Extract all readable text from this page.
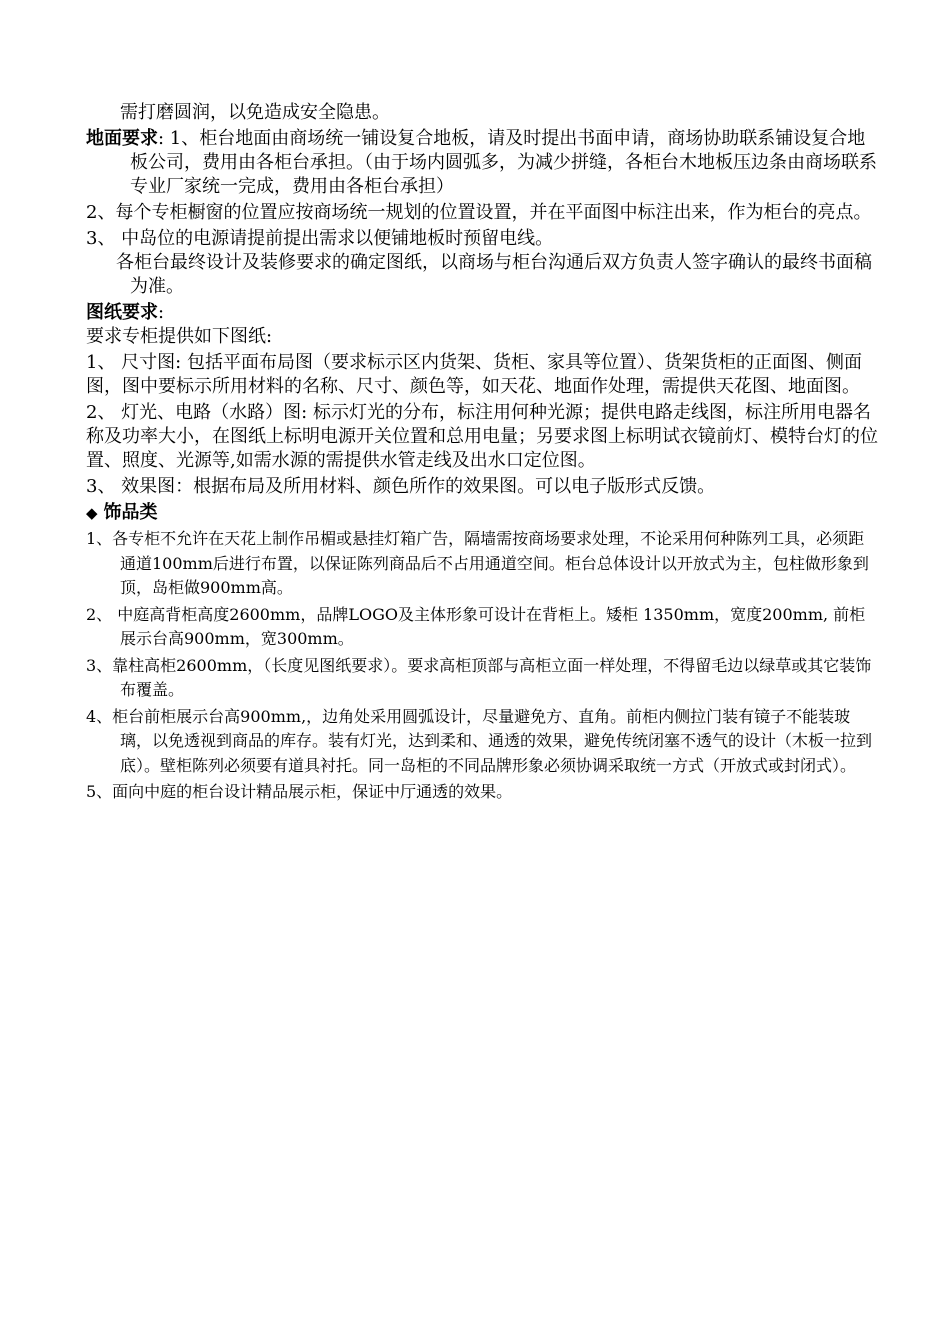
需打磨圆润，以免造成安全隐患。

地面要求: 1、柜台地面由商场统一铺设复合地板，请及时提出书面申请，商场协助联系铺设复合地板公司，费用由各柜台承担。（由于场内圆弧多，为减少拼缝，各柜台木地板压边条由商场联系专业厂家统一完成，费用由各柜台承担）

2、每个专柜橱窗的位置应按商场统一规划的位置设置，并在平面图中标注出来，作为柜台的亮点。

3、 中岛位的电源请提前提出需求以便铺地板时预留电线。

各柜台最终设计及装修要求的确定图纸，以商场与柜台沟通后双方负责人签字确认的最终书面稿为准。

图纸要求:

要求专柜提供如下图纸:

1、 尺寸图: 包括平面布局图（要求标示区内货架、货柜、家具等位置）、货架货柜的正面图、侧面图，图中要标示所用材料的名称、尺寸、颜色等，如天花、地面作处理，需提供天花图、地面图。

2、 灯光、电路（水路）图: 标示灯光的分布，标注用何种光源；提供电路走线图，标注所用电器名称及功率大小，在图纸上标明电源开关位置和总用电量；另要求图上标明试衣镜前灯、模特台灯的位置、照度、光源等,如需水源的需提供水管走线及出水口定位图。

3、 效果图：根据布局及所用材料、颜色所作的效果图。可以电子版形式反馈。

◆ 饰品类

1、各专柜不允许在天花上制作吊楣或悬挂灯箱广告，隔墙需按商场要求处理，不论采用何种陈列工具，必须距通道100mm后进行布置，以保证陈列商品后不占用通道空间。柜台总体设计以开放式为主，包柱做形象到顶，岛柜做900mm高。

2、 中庭高背柜高度2600mm，品牌LOGO及主体形象可设计在背柜上。矮柜 1350mm，宽度200mm, 前柜展示台高900mm，宽300mm。

3、靠柱高柜2600mm，（长度见图纸要求）。要求高柜顶部与高柜立面一样处理，不得留毛边以绿草或其它装饰布覆盖。

4、柜台前柜展示台高900mm,，边角处采用圆弧设计，尽量避免方、直角。前柜内侧拉门装有镜子不能装玻璃，以免透视到商品的库存。装有灯光，达到柔和、通透的效果，避免传统闭塞不透气的设计（木板一拉到底）。壁柜陈列必须要有道具衬托。同一岛柜的不同品牌形象必须协调采取统一方式（开放式或封闭式）。

5、面向中庭的柜台设计精品展示柜，保证中厅通透的效果。
